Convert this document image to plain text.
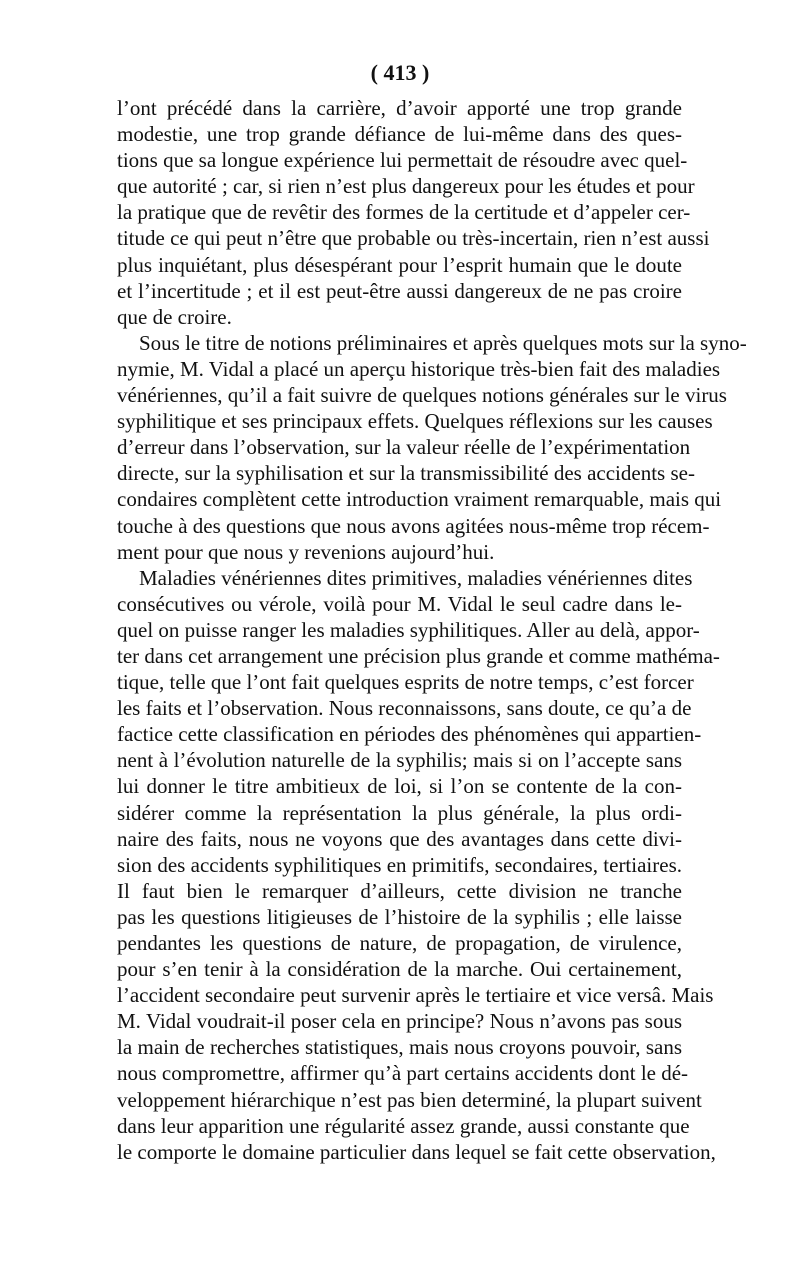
( 413 )
l’ont précédé dans la carrière, d’avoir apporté une trop grande
modestie, une trop grande défiance de lui-même dans des ques-
tions que sa longue expérience lui permettait de résoudre avec quel-
que autorité ; car, si rien n’est plus dangereux pour les études et pour
la pratique que de revêtir des formes de la certitude et d’appeler cer-
titude ce qui peut n’être que probable ou très-incertain, rien n’est aussi
plus inquiétant, plus désespérant pour l’esprit humain que le doute
et l’incertitude ; et il est peut-être aussi dangereux de ne pas croire
que de croire.
Sous le titre de notions préliminaires et après quelques mots sur la syno-
nymie, M. Vidal a placé un aperçu historique très-bien fait des maladies
vénériennes, qu’il a fait suivre de quelques notions générales sur le virus
syphilitique et ses principaux effets. Quelques réflexions sur les causes
d’erreur dans l’observation, sur la valeur réelle de l’expérimentation
directe, sur la syphilisation et sur la transmissibilité des accidents se-
condaires complètent cette introduction vraiment remarquable, mais qui
touche à des questions que nous avons agitées nous-même trop récem-
ment pour que nous y revenions aujourd’hui.
Maladies vénériennes dites primitives, maladies vénériennes dites
consécutives ou vérole, voilà pour M. Vidal le seul cadre dans le-
quel on puisse ranger les maladies syphilitiques. Aller au delà, appor-
ter dans cet arrangement une précision plus grande et comme mathéma-
tique, telle que l’ont fait quelques esprits de notre temps, c’est forcer
les faits et l’observation. Nous reconnaissons, sans doute, ce qu’a de
factice cette classification en périodes des phénomènes qui appartien-
nent à l’évolution naturelle de la syphilis; mais si on l’accepte sans
lui donner le titre ambitieux de loi, si l’on se contente de la con-
sidérer comme la représentation la plus générale, la plus ordi-
naire des faits, nous ne voyons que des avantages dans cette divi-
sion des accidents syphilitiques en primitifs, secondaires, tertiaires.
Il faut bien le remarquer d’ailleurs, cette division ne tranche
pas les questions litigieuses de l’histoire de la syphilis ; elle laisse
pendantes les questions de nature, de propagation, de virulence,
pour s’en tenir à la considération de la marche. Oui certainement,
l’accident secondaire peut survenir après le tertiaire et vice versâ. Mais
M. Vidal voudrait-il poser cela en principe? Nous n’avons pas sous
la main de recherches statistiques, mais nous croyons pouvoir, sans
nous compromettre, affirmer qu’à part certains accidents dont le dé-
veloppement hiérarchique n’est pas bien determiné, la plupart suivent
dans leur apparition une régularité assez grande, aussi constante que
le comporte le domaine particulier dans lequel se fait cette observation,
